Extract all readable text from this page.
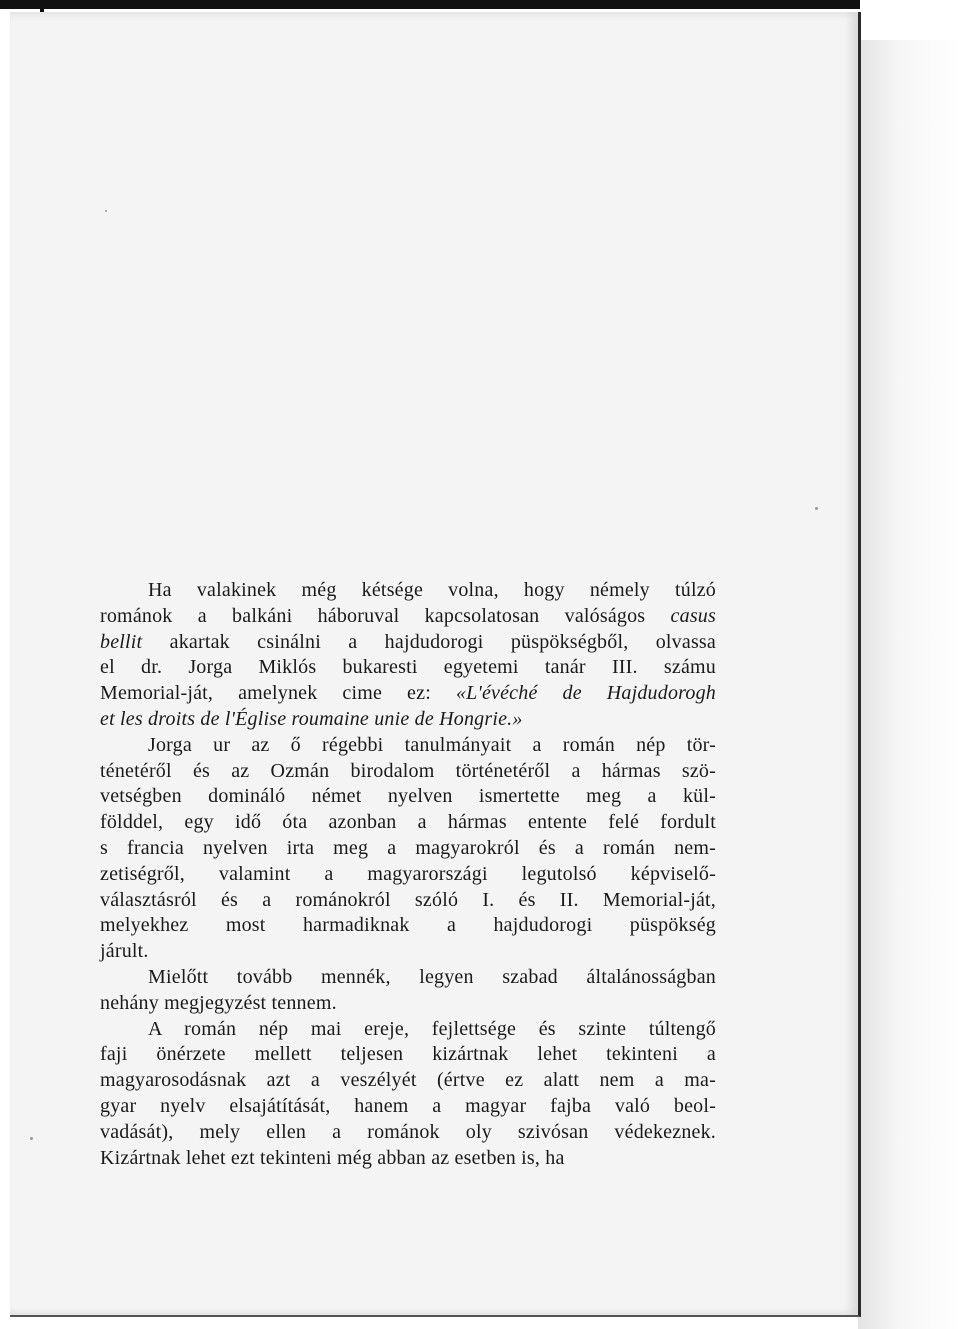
Ha valakinek még kétsége volna, hogy némely túlzó
románok a balkáni háboruval kapcsolatosan valóságos casus
bellit akartak csinálni a hajdudorogi püspökségből, olvassa
el dr. Jorga Miklós bukaresti egyetemi tanár III. számu
Memorial-ját, amelynek cime ez: «L'évéché de Hajdudorogh
et les droits de l'Église roumaine unie de Hongrie.»
Jorga ur az ő régebbi tanulmányait a román nép tör-
ténetéről és az Ozmán birodalom történetéről a hármas szö-
vetségben domináló német nyelven ismertette meg a kül-
földdel, egy idő óta azonban a hármas entente felé fordult
s francia nyelven irta meg a magyarokról és a román nem-
zetiségről, valamint a magyarországi legutolsó képviselő-
választásról és a románokról szóló I. és II. Memorial-ját,
melyekhez most harmadiknak a hajdudorogi püspökség
járult.
Mielőtt tovább mennék, legyen szabad általánosságban
nehány megjegyzést tennem.
A román nép mai ereje, fejlettsége és szinte túltengő
faji önérzete mellett teljesen kizártnak lehet tekinteni a
magyarosodásnak azt a veszélyét (értve ez alatt nem a ma-
gyar nyelv elsajátítását, hanem a magyar fajba való beol-
vadását), mely ellen a románok oly szivósan védekeznek.
Kizártnak lehet ezt tekinteni még abban az esetben is, ha
